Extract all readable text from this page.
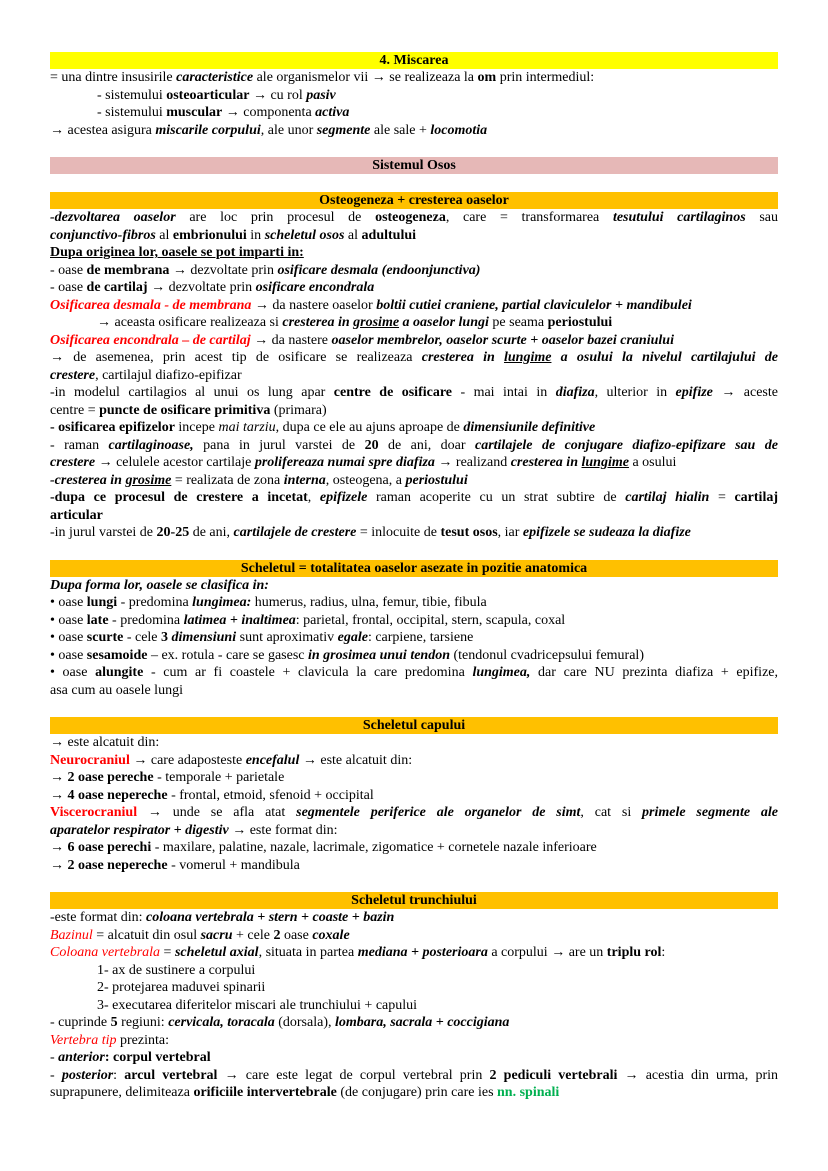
4. Miscarea
= una dintre insusirile caracteristice ale organismelor vii → se realizeaza la om prin intermediul:
- sistemului osteoarticular → cu rol pasiv
- sistemului muscular → componenta activa
→ acestea asigura miscarile corpului, ale unor segmente ale sale + locomotia
Sistemul Osos
Osteogeneza + cresterea oaselor
-dezvoltarea oaselor are loc prin procesul de osteogeneza, care = transformarea tesutului cartilaginos sau
conjunctivo-fibros al embrionului in scheletul osos al adultului
Dupa originea lor, oasele se pot imparti in:
- oase de membrana → dezvoltate prin osificare desmala (endoonjunctiva)
- oase de cartilaj → dezvoltate prin osificare encondrala
Osificarea desmala - de membrana → da nastere oaselor boltii cutiei craniene, partial claviculelor + mandibulei
→ aceasta osificare realizeaza si cresterea in grosime a oaselor lungi pe seama periostului
Osificarea encondrala – de cartilaj → da nastere oaselor membrelor, oaselor scurte + oaselor bazei craniului
→ de asemenea, prin acest tip de osificare se realizeaza cresterea in lungime a osului la nivelul cartilajului de
crestere, cartilajul diafizo-epifizar
-in modelul cartilagios al unui os lung apar centre de osificare - mai intai in diafiza, ulterior in epifize → aceste
centre = puncte de osificare primitiva (primara)
- osificarea epifizelor incepe mai tarziu, dupa ce ele au ajuns aproape de dimensiunile definitive
- raman cartilaginoase, pana in jurul varstei de 20 de ani, doar cartilajele de conjugare diafizo-epifizare sau de
crestere → celulele acestor cartilaje prolifereaza numai spre diafiza → realizand cresterea in lungime a osului
-cresterea in grosime = realizata de zona interna, osteogena, a periostului
-dupa ce procesul de crestere a incetat, epifizele raman acoperite cu un strat subtire de cartilaj hialin = cartilaj
articular
-in jurul varstei de 20-25 de ani, cartilajele de crestere = inlocuite de tesut osos, iar epifizele se sudeaza la diafize
Scheletul = totalitatea oaselor asezate in pozitie anatomica
Dupa forma lor, oasele se clasifica in:
• oase lungi - predomina lungimea: humerus, radius, ulna, femur, tibie, fibula
• oase late - predomina latimea + inaltimea: parietal, frontal, occipital, stern, scapula, coxal
• oase scurte - cele 3 dimensiuni sunt aproximativ egale: carpiene, tarsiene
• oase sesamoide – ex. rotula - care se gasesc in grosimea unui tendon (tendonul cvadricepsului femural)
• oase alungite - cum ar fi coastele + clavicula la care predomina lungimea, dar care NU prezinta diafiza + epifize,
asa cum au oasele lungi
Scheletul capului
→ este alcatuit din:
Neurocraniul → care adaposteste encefalul → este alcatuit din:
→ 2 oase pereche - temporale + parietale
→ 4 oase nepereche - frontal, etmoid, sfenoid + occipital
Viscerocraniul → unde se afla atat segmentele periferice ale organelor de simt, cat si primele segmente ale
aparatelor respirator + digestiv → este format din:
→ 6 oase perechi - maxilare, palatine, nazale, lacrimale, zigomatice + cornetele nazale inferioare
→ 2 oase nepereche - vomerul + mandibula
Scheletul trunchiului
-este format din: coloana vertebrala + stern + coaste + bazin
Bazinul = alcatuit din osul sacru + cele 2 oase coxale
Coloana vertebrala = scheletul axial, situata in partea mediana + posterioara a corpului → are un triplu rol:
1- ax de sustinere a corpului
2- protejarea maduvei spinarii
3- executarea diferitelor miscari ale trunchiului + capului
- cuprinde 5 regiuni: cervicala, toracala (dorsala), lombara, sacrala + coccigiana
Vertebra tip prezinta:
- anterior: corpul vertebral
- posterior: arcul vertebral → care este legat de corpul vertebral prin 2 pediculi vertebrali → acestia din urma, prin
suprapunere, delimiteaza orificiile intervertebrale (de conjugare) prin care ies nn. spinali
